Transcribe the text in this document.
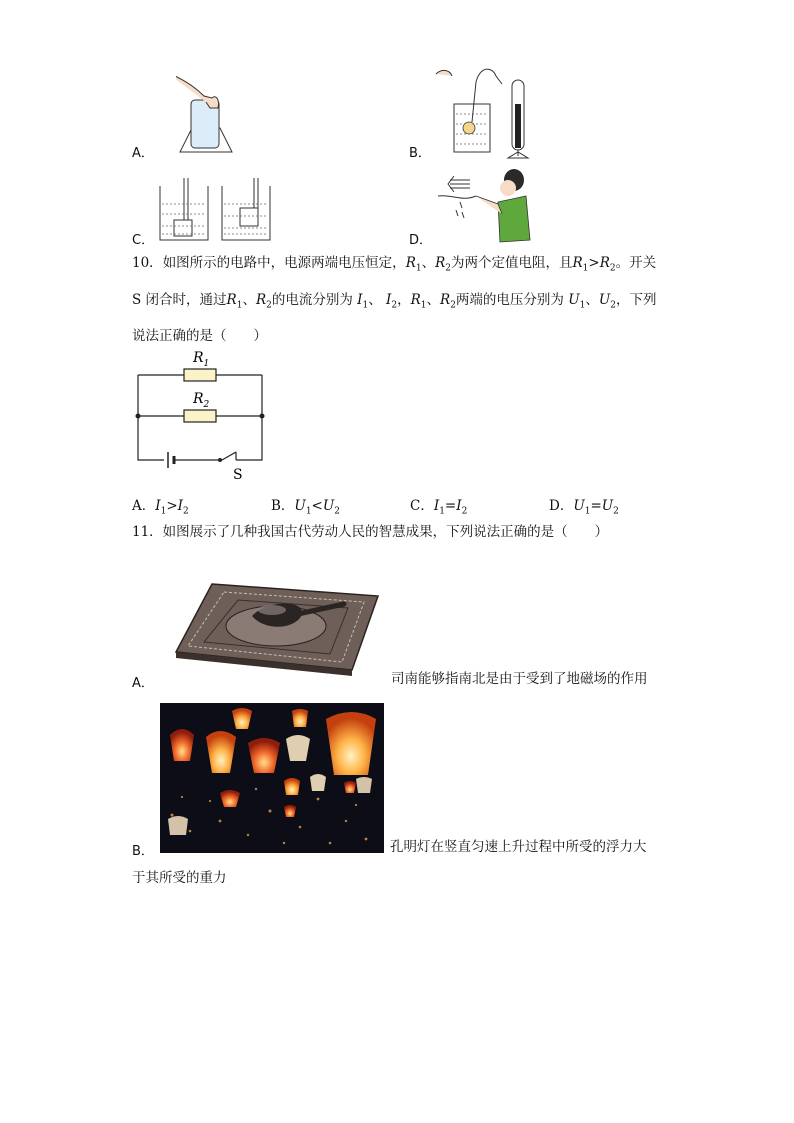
A．	B．
C．	D．
10．如图所示的电路中，电源两端电压恒定，$R_1$、$R_2$为两个定值电阻，且$R_1>R_2$。开关
S 闭合时，通过$R_1$、$R_2$的电流分别为 $I_1$、 $I_2$，$R_1$、$R_2$两端的电压分别为 $U_1$、$U_2$，下列
说法正确的是（　　）
$R_1$
$R_2$
S
A．$I_1>I_2$	B．$U_1<U_2$	C．$I_1=I_2$	D．$U_1=U_2$
11．如图展示了几种我国古代劳动人民的智慧成果，下列说法正确的是（　　）
A．	司南能够指南北是由于受到了地磁场的作用
B．	孔明灯在竖直匀速上升过程中所受的浮力大
于其所受的重力
